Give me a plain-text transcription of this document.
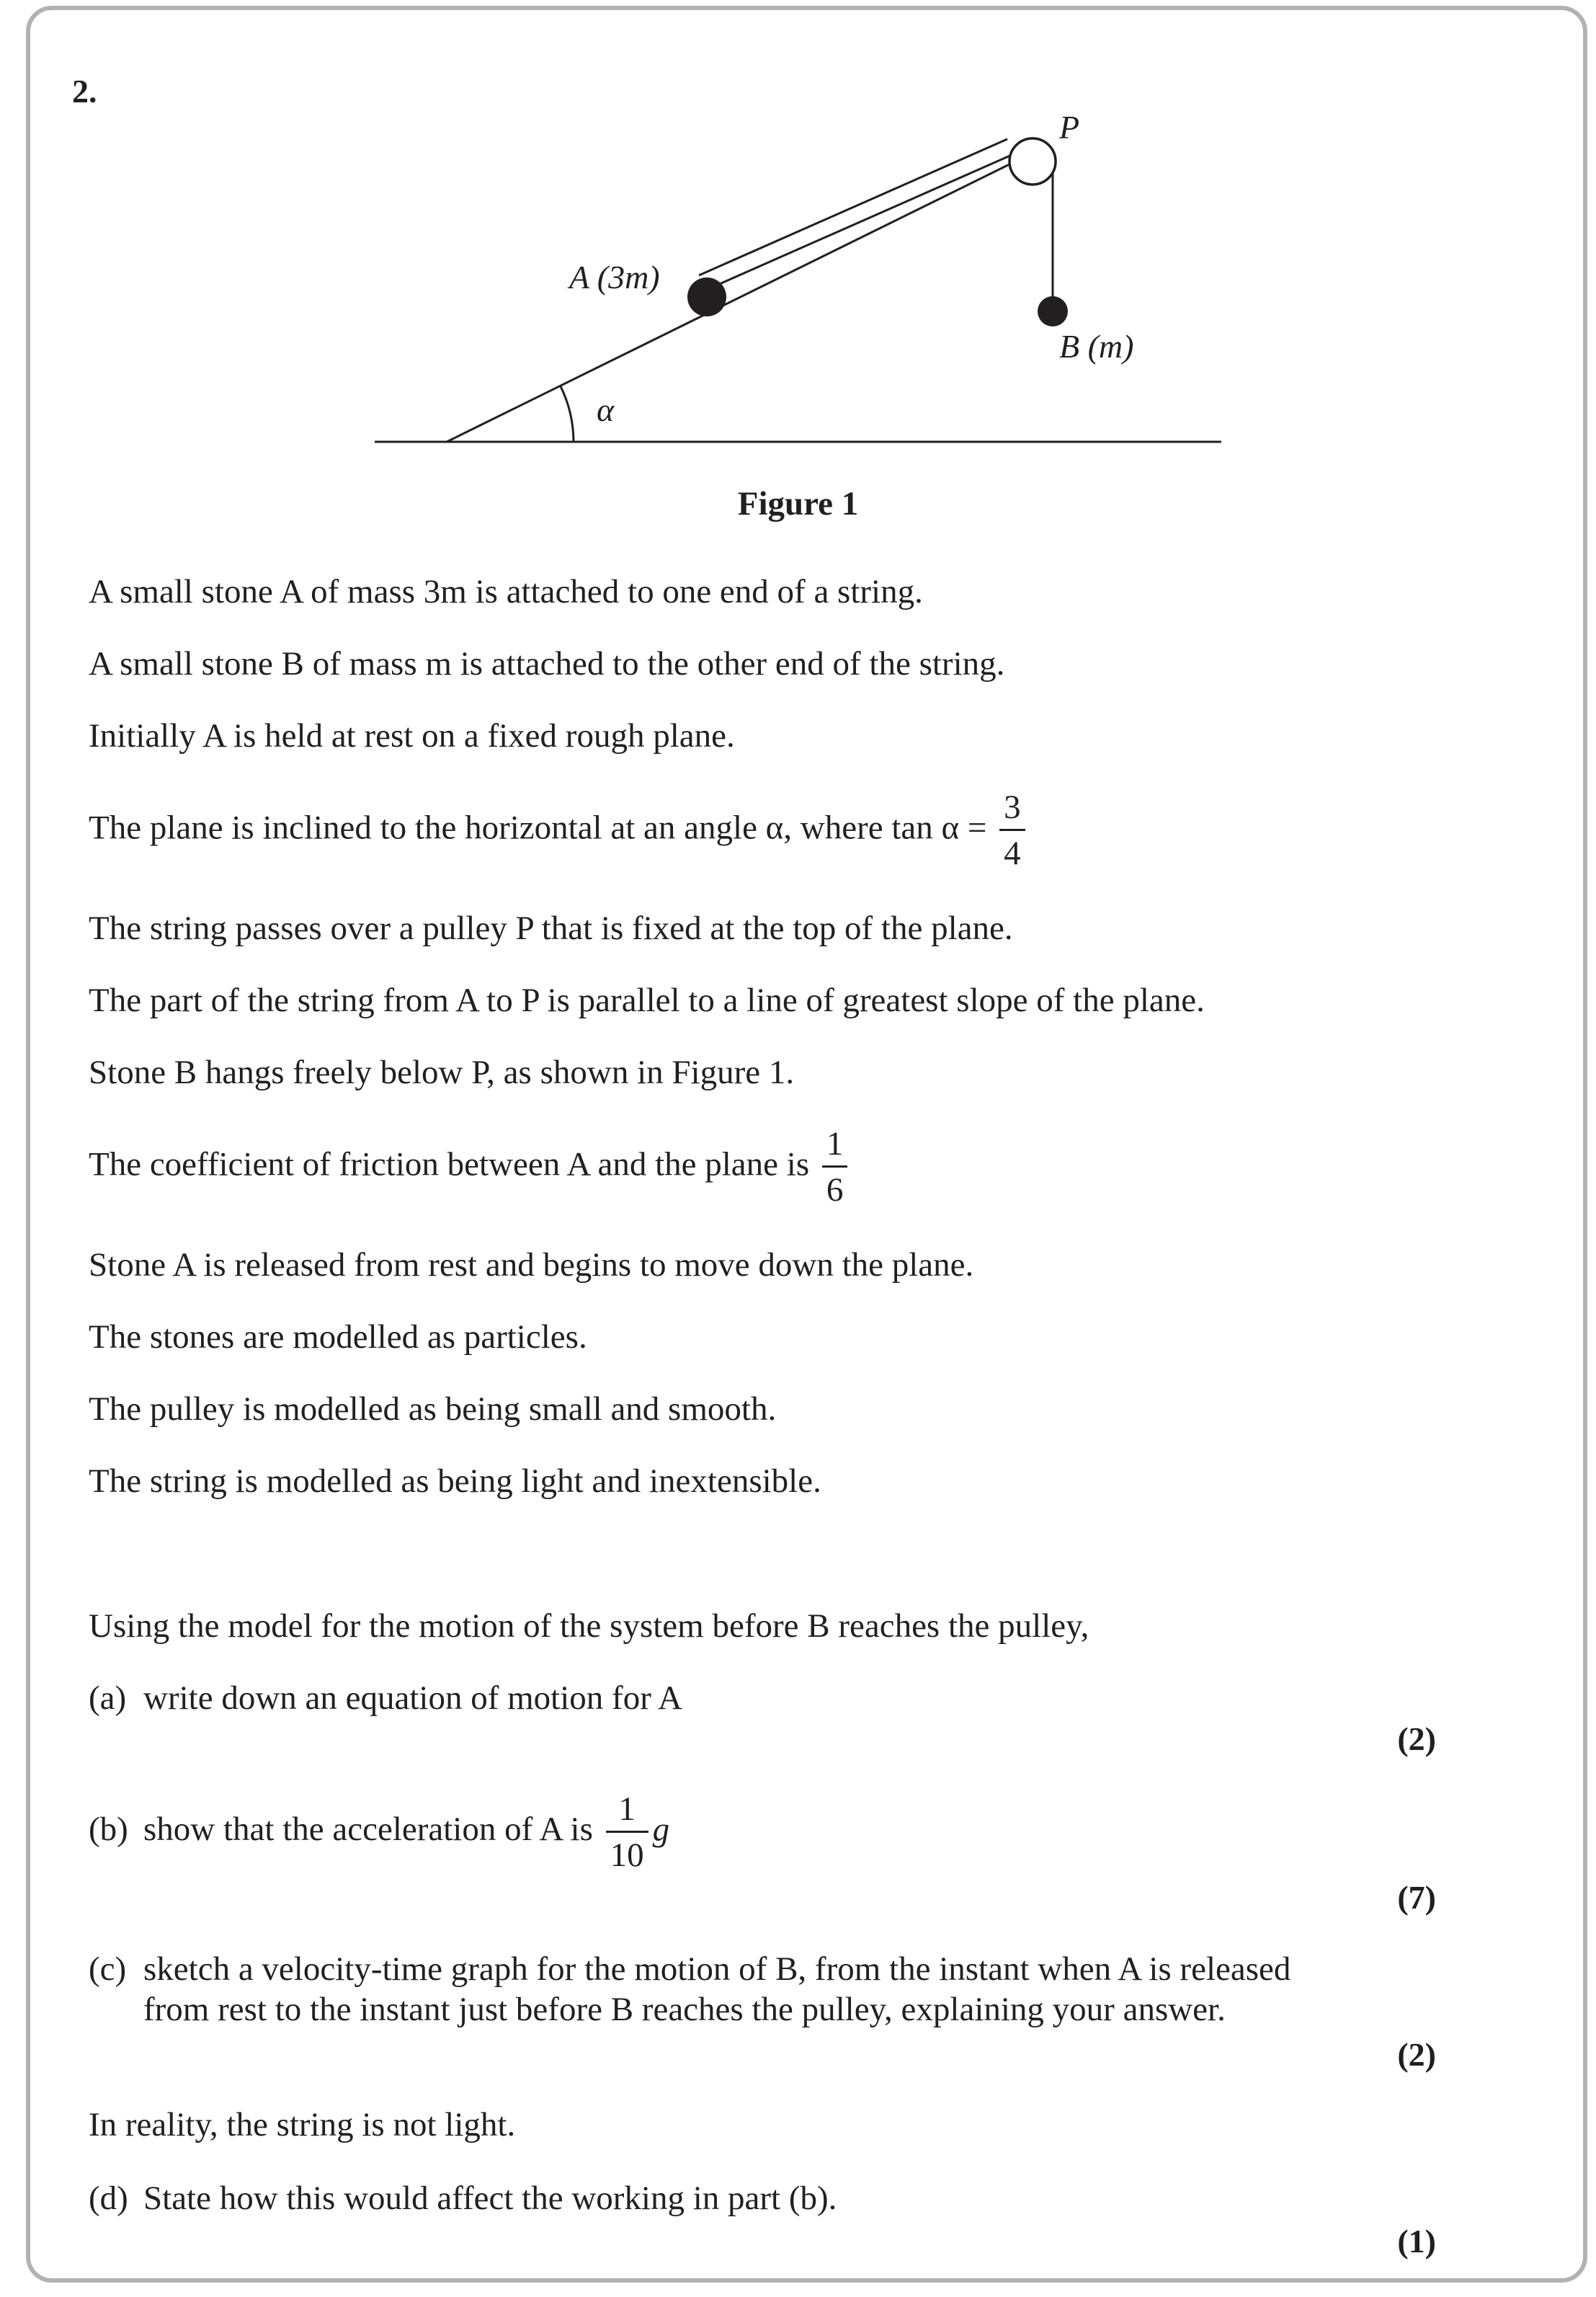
2.
A (3m)
B (m)
P
α
Figure 1
A small stone A of mass 3m is attached to one end of a string.
A small stone B of mass m is attached to the other end of the string.
Initially A is held at rest on a fixed rough plane.
The plane is inclined to the horizontal at an angle α, where $\tan \alpha = \frac{3}{4}$
The string passes over a pulley P that is fixed at the top of the plane.
The part of the string from A to P is parallel to a line of greatest slope of the plane.
Stone B hangs freely below P, as shown in Figure 1.
The coefficient of friction between A and the plane is $\frac{1}{6}$
Stone A is released from rest and begins to move down the plane.
The stones are modelled as particles.
The pulley is modelled as being small and smooth.
The string is modelled as being light and inextensible.
Using the model for the motion of the system before B reaches the pulley,
(a) write down an equation of motion for A
(2)
(b) show that the acceleration of A is $\frac{1}{10}$ g
(7)
(c) sketch a velocity-time graph for the motion of B, from the instant when A is released
from rest to the instant just before B reaches the pulley, explaining your answer.
(2)
In reality, the string is not light.
(d) State how this would affect the working in part (b).
(1)
